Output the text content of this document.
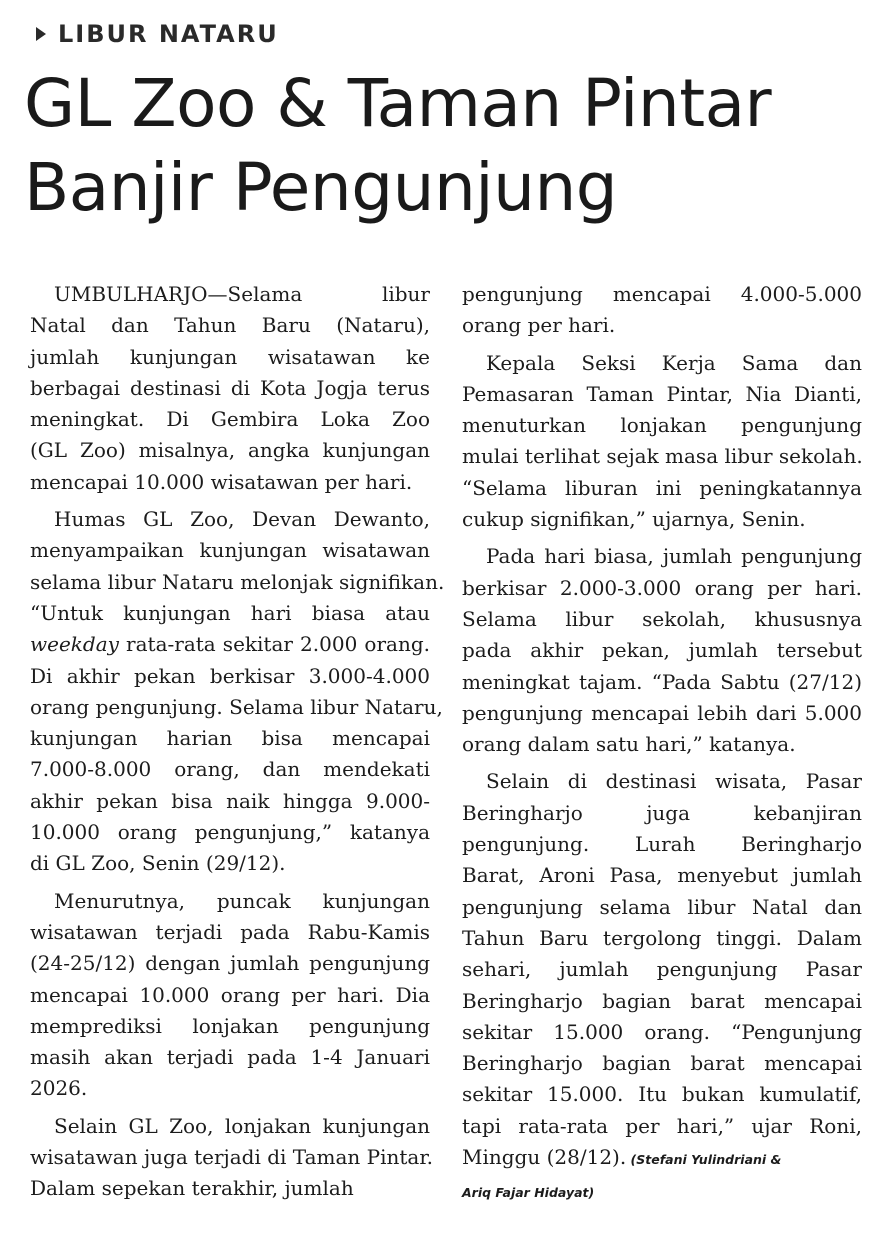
LIBUR NATARU
GL Zoo & Taman Pintar
Banjir Pengunjung

UMBULHARJO—Selama libur
Natal dan Tahun Baru (Nataru),
jumlah kunjungan wisatawan ke
berbagai destinasi di Kota Jogja terus
meningkat. Di Gembira Loka Zoo
(GL Zoo) misalnya, angka kunjungan
mencapai 10.000 wisatawan per hari.

Humas GL Zoo, Devan Dewanto,
menyampaikan kunjungan wisatawan
selama libur Nataru melonjak signifikan.
“Untuk kunjungan hari biasa atau
weekday rata-rata sekitar 2.000 orang.
Di akhir pekan berkisar 3.000-4.000
orang pengunjung. Selama libur Nataru,
kunjungan harian bisa mencapai
7.000-8.000 orang, dan mendekati
akhir pekan bisa naik hingga 9.000-
10.000 orang pengunjung,” katanya
di GL Zoo, Senin (29/12).

Menurutnya, puncak kunjungan
wisatawan terjadi pada Rabu-Kamis
(24-25/12) dengan jumlah pengunjung
mencapai 10.000 orang per hari. Dia
memprediksi lonjakan pengunjung
masih akan terjadi pada 1-4 Januari
2026.

Selain GL Zoo, lonjakan kunjungan
wisatawan juga terjadi di Taman Pintar.
Dalam sepekan terakhir, jumlah

pengunjung mencapai 4.000-5.000
orang per hari.

Kepala Seksi Kerja Sama dan
Pemasaran Taman Pintar, Nia Dianti,
menuturkan lonjakan pengunjung
mulai terlihat sejak masa libur sekolah.
“Selama liburan ini peningkatannya
cukup signifikan,” ujarnya, Senin.

Pada hari biasa, jumlah pengunjung
berkisar 2.000-3.000 orang per hari.
Selama libur sekolah, khususnya
pada akhir pekan, jumlah tersebut
meningkat tajam. “Pada Sabtu (27/12)
pengunjung mencapai lebih dari 5.000
orang dalam satu hari,” katanya.

Selain di destinasi wisata, Pasar
Beringharjo juga kebanjiran
pengunjung. Lurah Beringharjo
Barat, Aroni Pasa, menyebut jumlah
pengunjung selama libur Natal dan
Tahun Baru tergolong tinggi. Dalam
sehari, jumlah pengunjung Pasar
Beringharjo bagian barat mencapai
sekitar 15.000 orang. “Pengunjung
Beringharjo bagian barat mencapai
sekitar 15.000. Itu bukan kumulatif,
tapi rata-rata per hari,” ujar Roni,
Minggu (28/12). (Stefani Yulindriani &
Ariq Fajar Hidayat)
